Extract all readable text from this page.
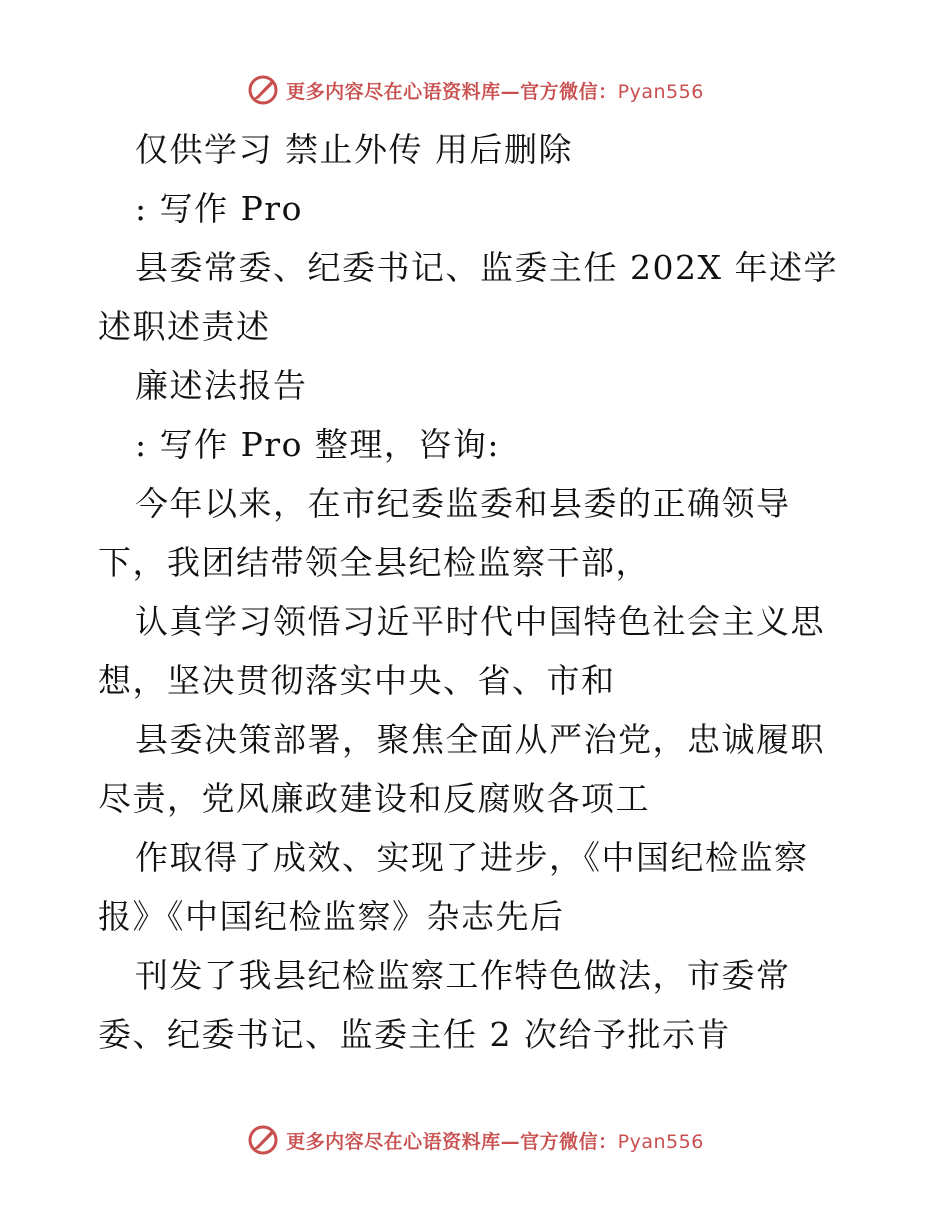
更多内容尽在心语资料库—官方微信：Pyan556

仅供学习 禁止外传 用后删除

: 写作 Pro

县委常委、纪委书记、监委主任 202X 年述学述职述责述

廉述法报告

: 写作 Pro 整理，咨询:

今年以来，在市纪委监委和县委的正确领导下，我团结带领全县纪检监察干部，

认真学习领悟习近平时代中国特色社会主义思想，坚决贯彻落实中央、省、市和

县委决策部署，聚焦全面从严治党，忠诚履职尽责，党风廉政建设和反腐败各项工

作取得了成效、实现了进步，《中国纪检监察报》《中国纪检监察》杂志先后

刊发了我县纪检监察工作特色做法，市委常委、纪委书记、监委主任 2 次给予批示肯

更多内容尽在心语资料库—官方微信：Pyan556
